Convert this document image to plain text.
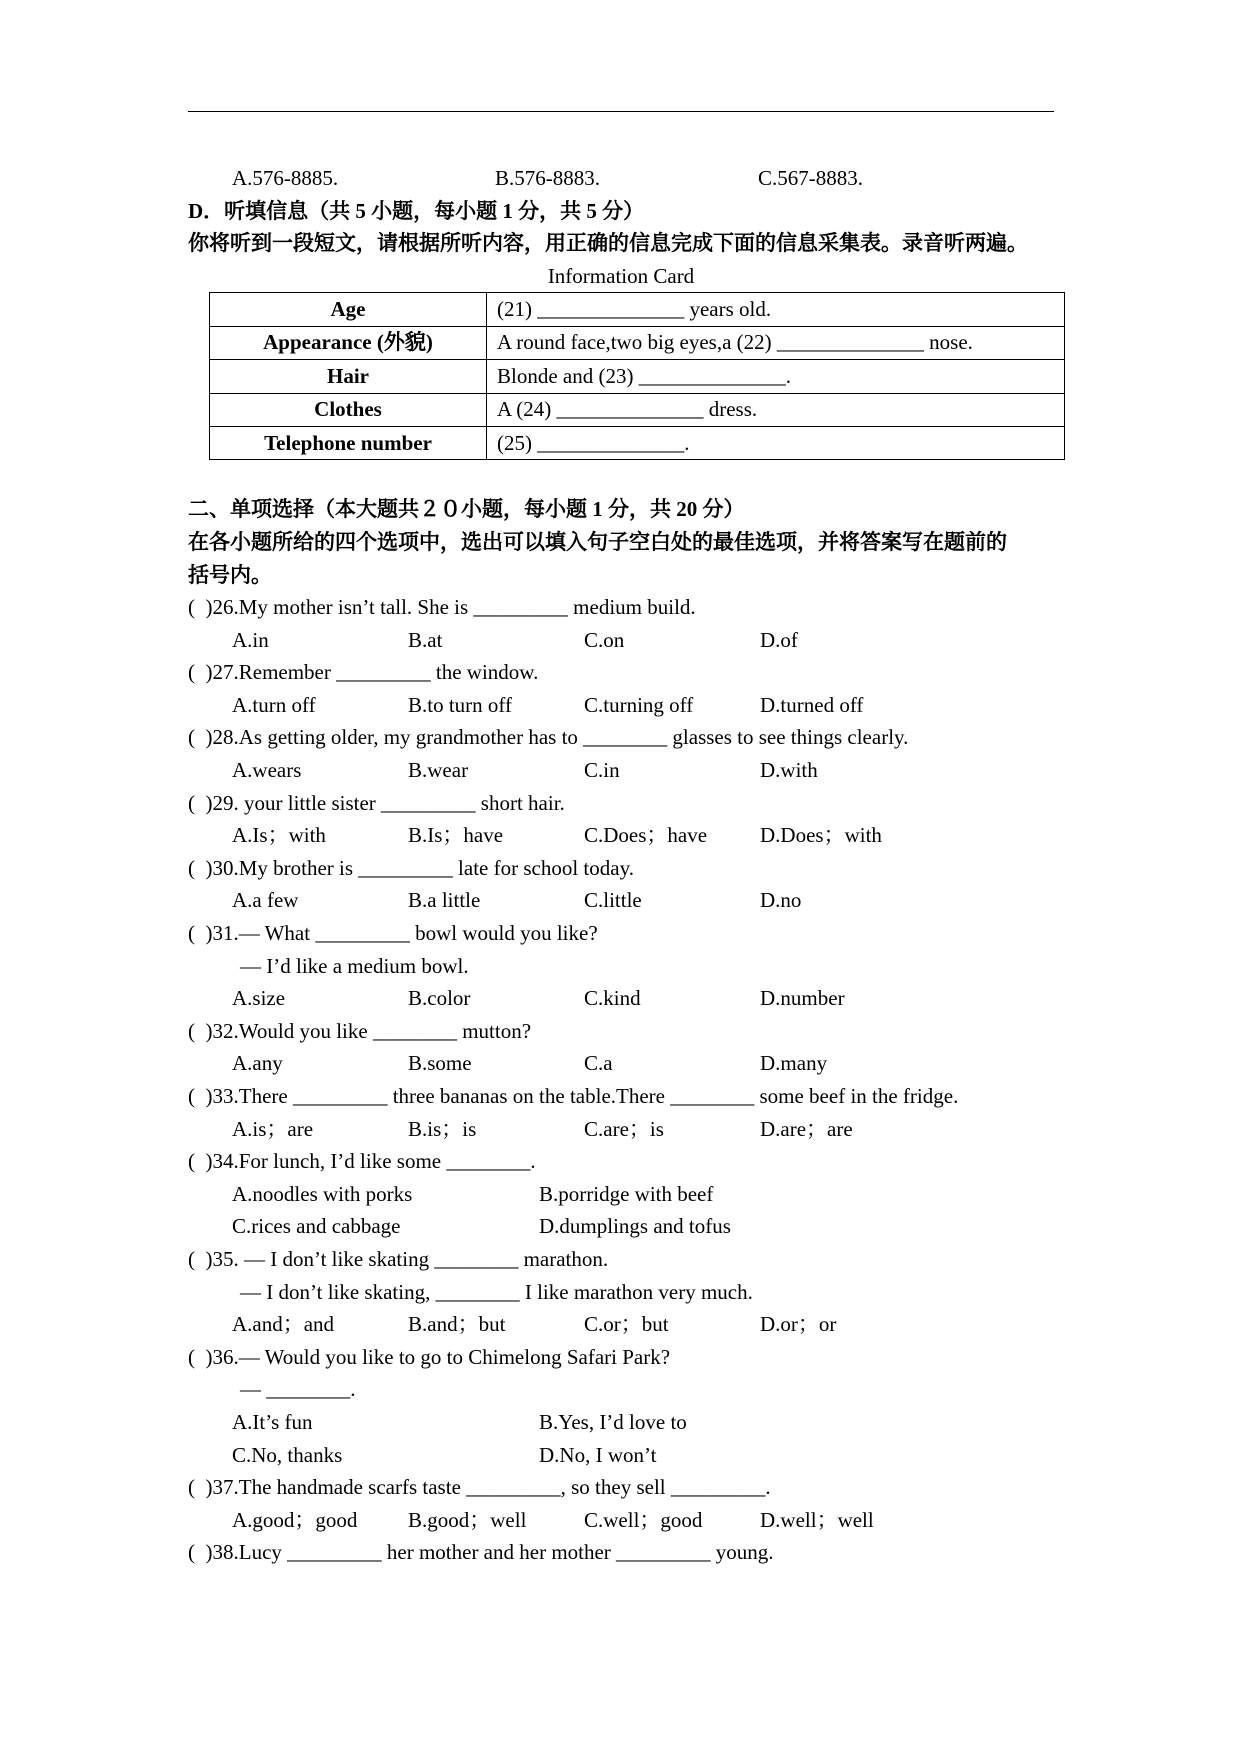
A.576-8885.	B.576-8883.	C.567-8883.
D．听填信息（共 5 小题，每小题 1 分，共 5 分）
你将听到一段短文，请根据所听内容，用正确的信息完成下面的信息采集表。录音听两遍。
Information Card
Age	(21) ______________ years old.
Appearance (外貌)	A round face,two big eyes,a (22) ______________ nose.
Hair	Blonde and (23) ______________.
Clothes	A (24) ______________ dress.
Telephone number	(25) ______________.
二、单项选择（本大题共２０小题，每小题 1 分，共 20 分）
在各小题所给的四个选项中，选出可以填入句子空白处的最佳选项，并将答案写在题前的
括号内。
(  )26.My mother isn’t tall. She is _________ medium build.
A.in	B.at	C.on	D.of
(  )27.Remember _________ the window.
A.turn off	B.to turn off	C.turning off	D.turned off
(  )28.As getting older, my grandmother has to ________ glasses to see things clearly.
A.wears	B.wear	C.in	D.with
(  )29. your little sister _________ short hair.
A.Is；with	B.Is；have	C.Does；have	D.Does；with
(  )30.My brother is _________ late for school today.
A.a few	B.a little	C.little	D.no
(  )31.— What _________ bowl would you like?
— I’d like a medium bowl.
A.size	B.color	C.kind	D.number
(  )32.Would you like ________ mutton?
A.any	B.some	C.a	D.many
(  )33.There _________ three bananas on the table.There ________ some beef in the fridge.
A.is；are	B.is；is	C.are；is	D.are；are
(  )34.For lunch, I’d like some ________.
A.noodles with porks	B.porridge with beef
C.rices and cabbage	D.dumplings and tofus
(  )35. — I don’t like skating ________ marathon.
— I don’t like skating, ________ I like marathon very much.
A.and；and	B.and；but	C.or；but	D.or；or
(  )36.— Would you like to go to Chimelong Safari Park?
— ________.
A.It’s fun	B.Yes, I’d love to
C.No, thanks	D.No, I won’t
(  )37.The handmade scarfs taste _________, so they sell _________.
A.good；good B.good；well	C.well；good	D.well；well
(  )38.Lucy _________ her mother and her mother _________ young.
